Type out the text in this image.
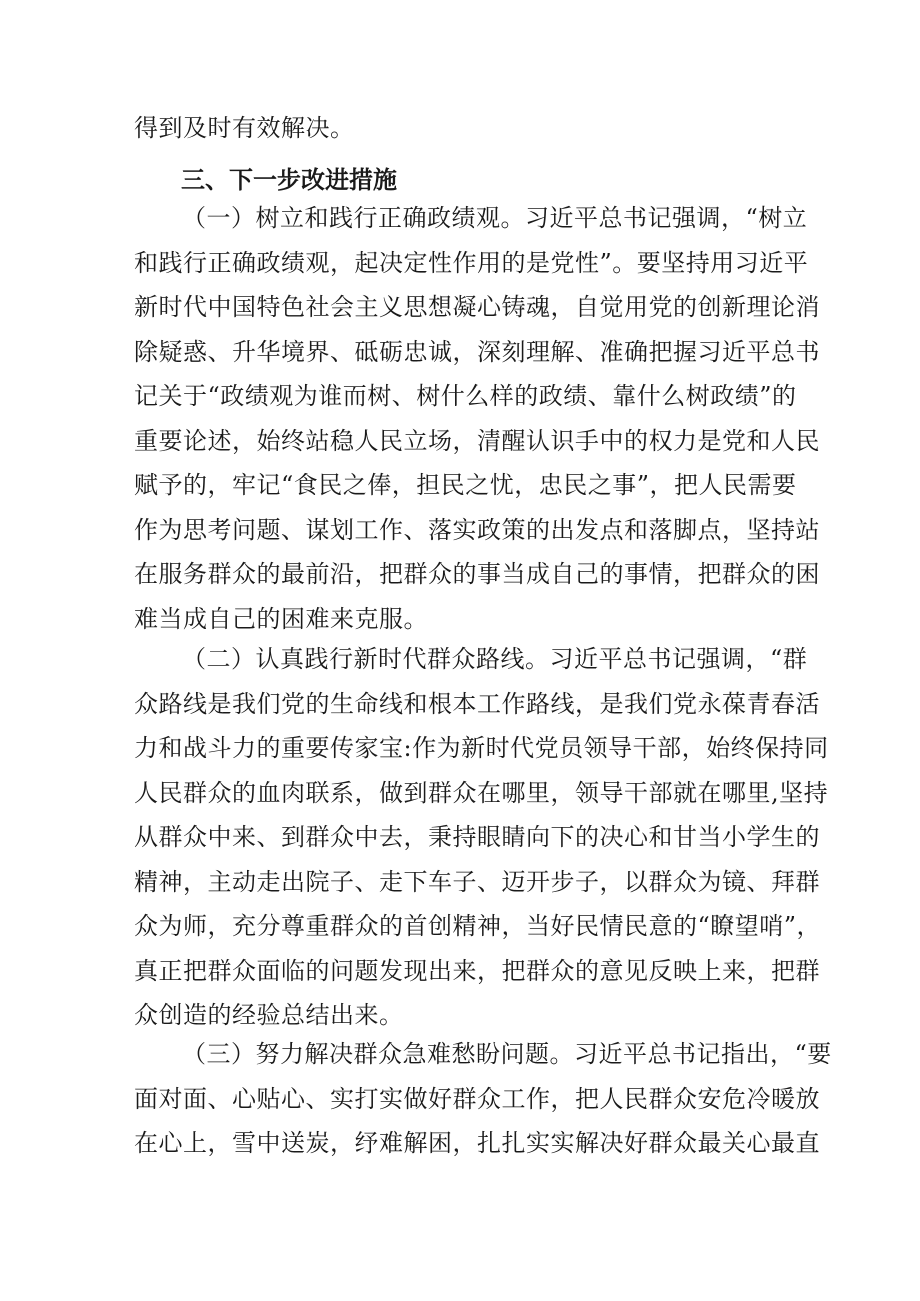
得到及时有效解决。
三、下一步改进措施
（一）树立和践行正确政绩观。习近平总书记强调，“树立
和践行正确政绩观，起决定性作用的是党性”。要坚持用习近平
新时代中国特色社会主义思想凝心铸魂，自觉用党的创新理论消
除疑惑、升华境界、砥砺忠诚，深刻理解、准确把握习近平总书
记关于“政绩观为谁而树、树什么样的政绩、靠什么树政绩”的
重要论述，始终站稳人民立场，清醒认识手中的权力是党和人民
赋予的，牢记“食民之俸，担民之忧，忠民之事”，把人民需要
作为思考问题、谋划工作、落实政策的出发点和落脚点，坚持站
在服务群众的最前沿，把群众的事当成自己的事情，把群众的困
难当成自己的困难来克服。
（二）认真践行新时代群众路线。习近平总书记强调，“群
众路线是我们党的生命线和根本工作路线，是我们党永葆青春活
力和战斗力的重要传家宝:作为新时代党员领导干部，始终保持同
人民群众的血肉联系，做到群众在哪里，领导干部就在哪里,坚持
从群众中来、到群众中去，秉持眼睛向下的决心和甘当小学生的
精神，主动走出院子、走下车子、迈开步子，以群众为镜、拜群
众为师，充分尊重群众的首创精神，当好民情民意的“瞭望哨”，
真正把群众面临的问题发现出来，把群众的意见反映上来，把群
众创造的经验总结出来。
（三）努力解决群众急难愁盼问题。习近平总书记指出，“要
面对面、心贴心、实打实做好群众工作，把人民群众安危冷暖放
在心上，雪中送炭，纾难解困，扎扎实实解决好群众最关心最直
